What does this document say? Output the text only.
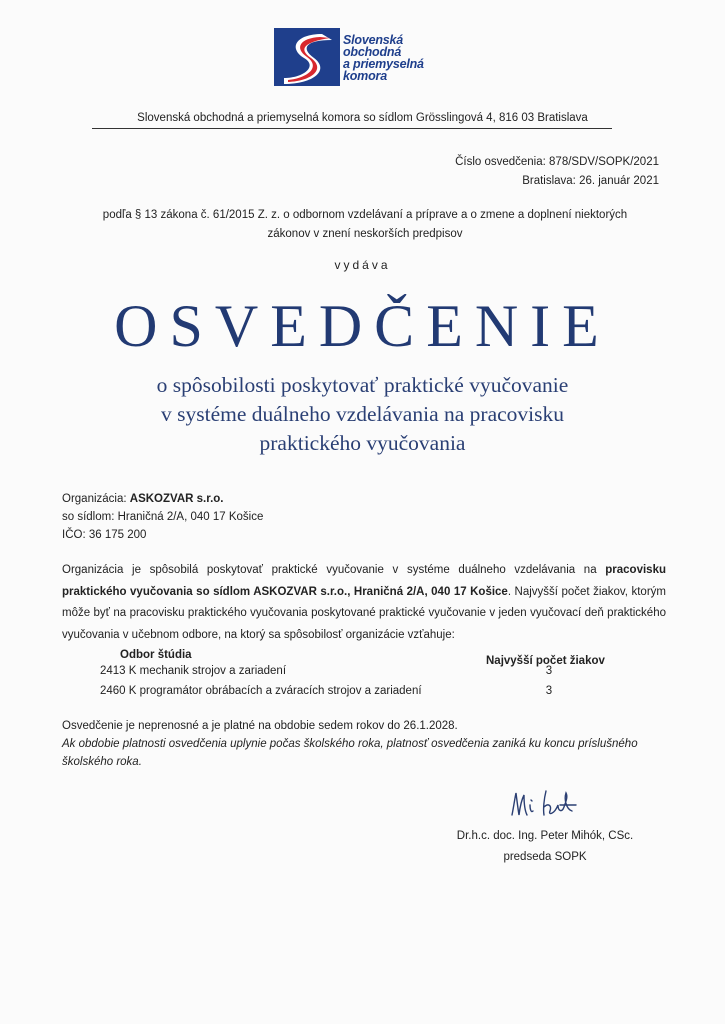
Slovenská
obchodná
a priemyselná
komora
Slovenská obchodná a priemyselná komora so sídlom Grösslingová 4, 816 03 Bratislava
Číslo osvedčenia: 878/SDV/SOPK/2021
Bratislava: 26. január 2021
podľa § 13 zákona č. 61/2015 Z. z. o odbornom vzdelávaní a príprave a o zmene a doplnení niektorých
zákonov v znení neskorších predpisov
vydáva
OSVEDČENIE
o spôsobilosti poskytovať praktické vyučovanie
v systéme duálneho vzdelávania na pracovisku
praktického vyučovania
Organizácia: ASKOZVAR s.r.o.
so sídlom: Hraničná 2/A, 040 17 Košice
IČO: 36 175 200
Organizácia je spôsobilá poskytovať praktické vyučovanie v systéme duálneho vzdelávania na pracovisku praktického vyučovania so sídlom ASKOZVAR s.r.o., Hraničná 2/A, 040 17 Košice. Najvyšší počet žiakov, ktorým môže byť na pracovisku praktického vyučovania poskytované praktické vyučovanie v jeden vyučovací deň praktického vyučovania v učebnom odbore, na ktorý sa spôsobilosť organizácie vzťahuje:
Odbor štúdia	Najvyšší počet žiakov
2413 K mechanik strojov a zariadení	3
2460 K programátor obrábacích a zváracích strojov a zariadení	3
Osvedčenie je neprenosné a je platné na obdobie sedem rokov do 26.1.2028.
Ak obdobie platnosti osvedčenia uplynie počas školského roka, platnosť osvedčenia zaniká ku koncu príslušného školského roka.
Dr.h.c. doc. Ing. Peter Mihók, CSc.
predseda SOPK
